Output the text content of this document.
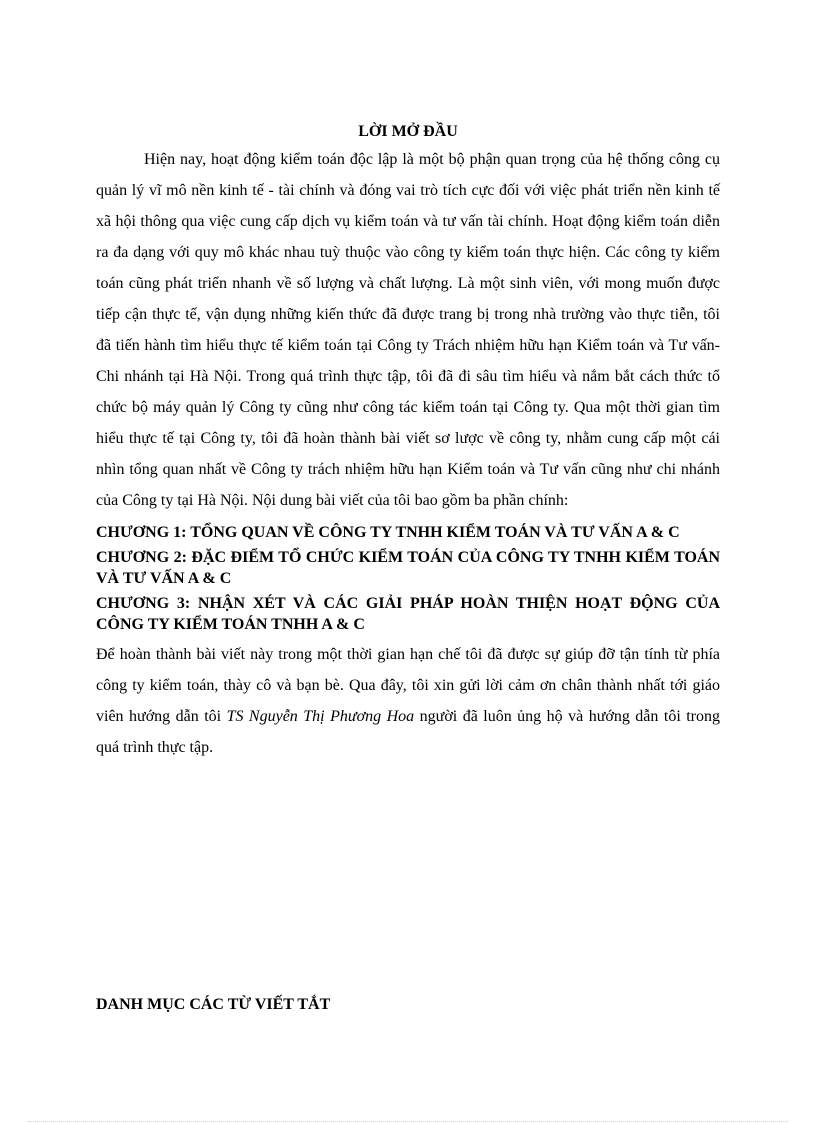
LỜI MỞ ĐẦU

Hiện nay, hoạt động kiểm toán độc lập là một bộ phận quan trọng của hệ thống công cụ quản lý vĩ mô nền kinh tế - tài chính và đóng vai trò tích cực đối với việc phát triển nền kinh tế xã hội thông qua việc cung cấp dịch vụ kiểm toán và tư vấn tài chính. Hoạt động kiểm toán diễn ra đa dạng với quy mô khác nhau tuỳ thuộc vào công ty kiểm toán thực hiện. Các công ty kiểm toán cũng phát triển nhanh về số lượng và chất lượng. Là một sinh viên, với mong muốn được tiếp cận thực tế, vận dụng những kiến thức đã được trang bị trong nhà trường vào thực tiễn, tôi đã tiến hành tìm hiểu thực tế kiểm toán tại Công ty Trách nhiệm hữu hạn Kiểm toán và Tư vấn- Chi nhánh tại Hà Nội. Trong quá trình thực tập, tôi đã đi sâu tìm hiểu và nắm bắt cách thức tổ chức bộ máy quản lý Công ty cũng như công tác kiểm toán tại Công ty. Qua một thời gian tìm hiểu thực tế tại Công ty, tôi đã hoàn thành bài viết sơ lược về công ty, nhằm cung cấp một cái nhìn tổng quan nhất về Công ty trách nhiệm hữu hạn Kiểm toán và Tư vấn cũng như chi nhánh của Công ty tại Hà Nội. Nội dung bài viết của tôi bao gồm ba phần chính:

CHƯƠNG 1: TỔNG QUAN VỀ CÔNG TY TNHH KIỂM TOÁN VÀ TƯ VẤN A & C

CHƯƠNG 2: ĐẶC ĐIỂM TỔ CHỨC KIỂM TOÁN CỦA CÔNG TY TNHH KIỂM TOÁN VÀ TƯ VẤN A & C

CHƯƠNG 3: NHẬN XÉT VÀ CÁC GIẢI PHÁP HOÀN THIỆN HOẠT ĐỘNG CỦA CÔNG TY KIỂM TOÁN TNHH A & C

Để hoàn thành bài viết này trong một thời gian hạn chế tôi đã được sự giúp đỡ tận tính từ phía công ty kiểm toán, thày cô và bạn bè. Qua đây, tôi xin gửi lời cảm ơn chân thành nhất tới giáo viên hướng dẫn tôi TS Nguyễn Thị Phương Hoa người đã luôn ủng hộ và hướng dẫn tôi trong quá trình thực tập.

DANH MỤC CÁC TỪ VIẾT TẮT
